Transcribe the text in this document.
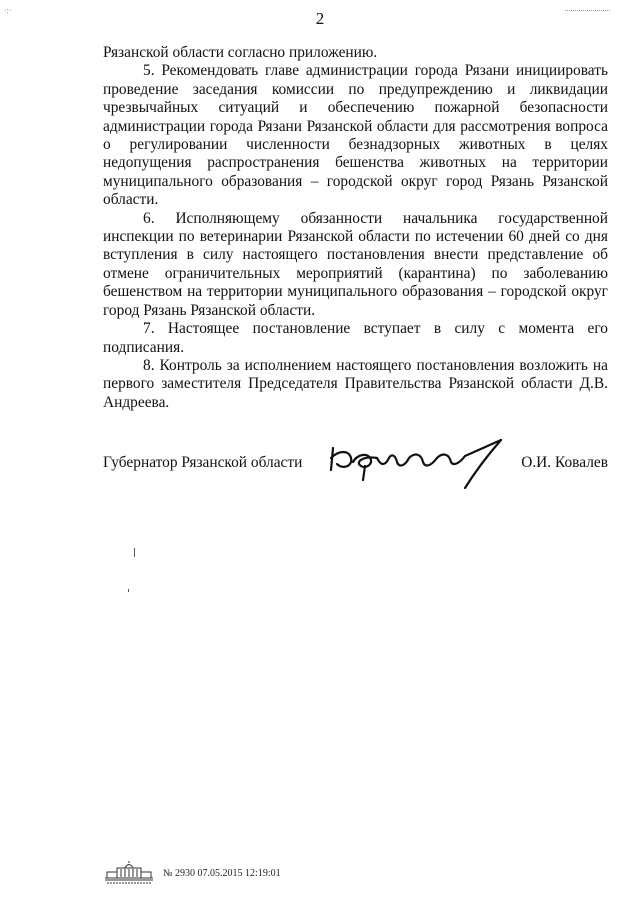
·:·	2

Рязанской области согласно приложению.

5. Рекомендовать главе администрации города Рязани инициировать проведение заседания комиссии по предупреждению и ликвидации чрезвычайных ситуаций и обеспечению пожарной безопасности администрации города Рязани Рязанской области для рассмотрения вопроса о регулировании численности безнадзорных животных в целях недопущения распространения бешенства животных на территории муниципального образования – городской округ город Рязань Рязанской области.

6. Исполняющему обязанности начальника государственной инспекции по ветеринарии Рязанской области по истечении 60 дней со дня вступления в силу настоящего постановления внести представление об отмене ограничительных мероприятий (карантина) по заболеванию бешенством на территории муниципального образования – городской округ город Рязань Рязанской области.

7. Настоящее постановление вступает в силу с момента его подписания.

8. Контроль за исполнением настоящего постановления возложить на первого заместителя Председателя Правительства Рязанской области Д.В. Андреева.

Губернатор Рязанской области	О.И. Ковалев
№ 2930 07.05.2015 12:19:01
